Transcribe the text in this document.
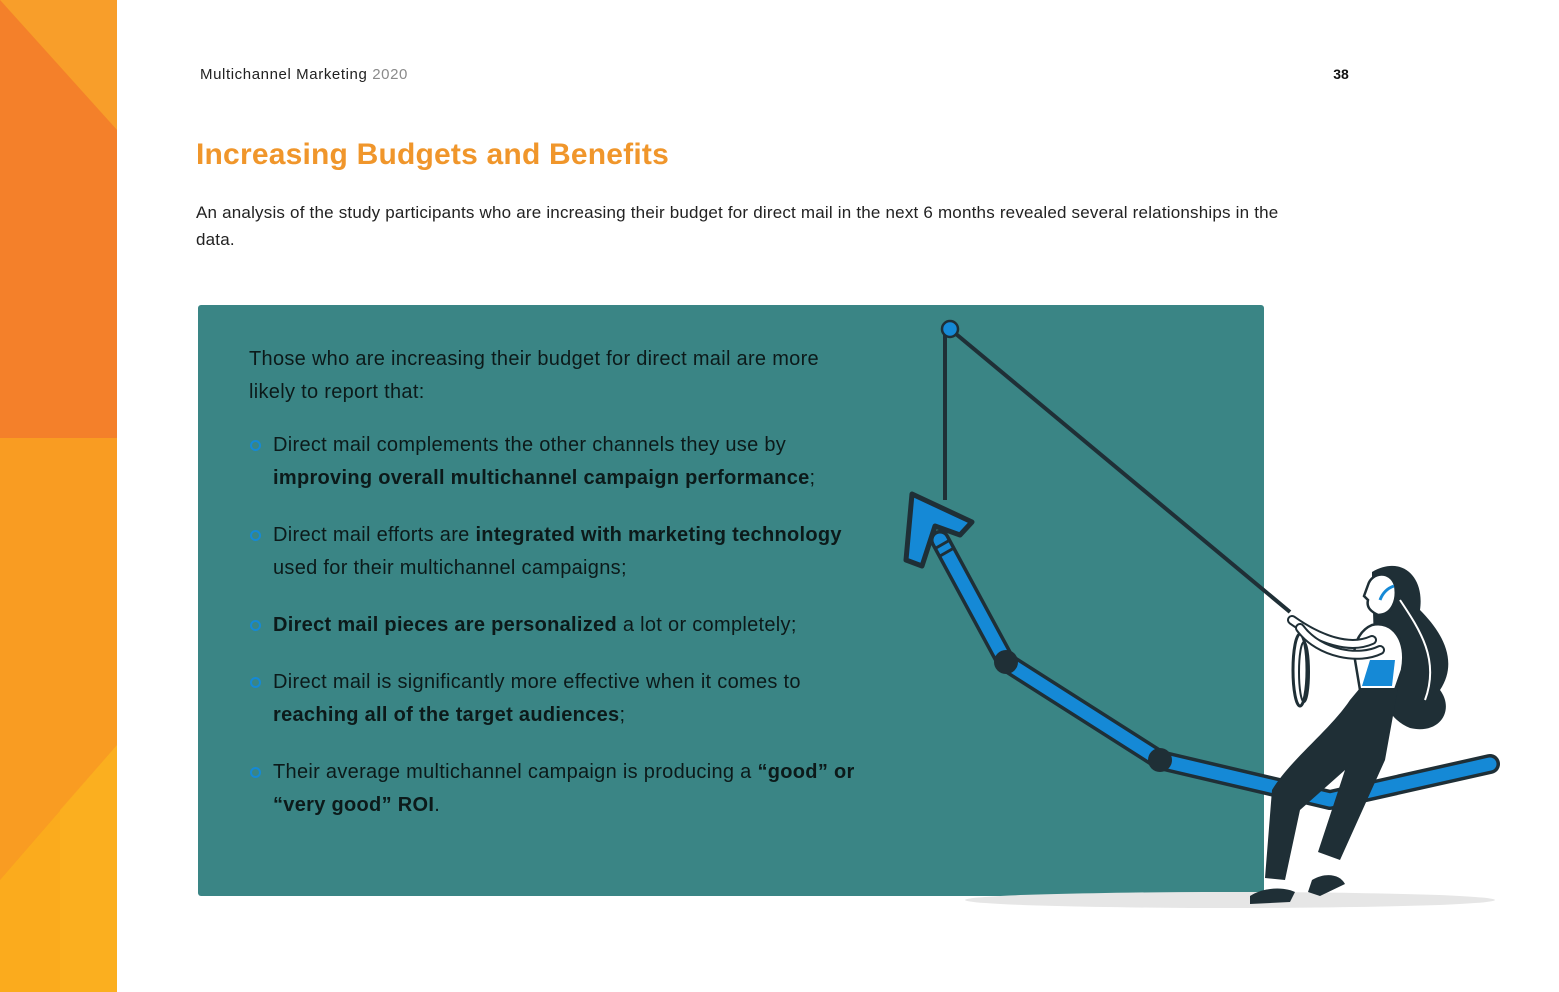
Multichannel Marketing 2020	38
Increasing Budgets and Benefits

An analysis of the study participants who are increasing their budget for direct mail in the next 6 months revealed several relationships in the data.

Those who are increasing their budget for direct mail are more likely to report that:

Direct mail complements the other channels they use by improving overall multichannel campaign performance;
Direct mail efforts are integrated with marketing technology used for their multichannel campaigns;
Direct mail pieces are personalized a lot or completely;
Direct mail is significantly more effective when it comes to reaching all of the target audiences;
Their average multichannel campaign is producing a “good” or “very good” ROI.
